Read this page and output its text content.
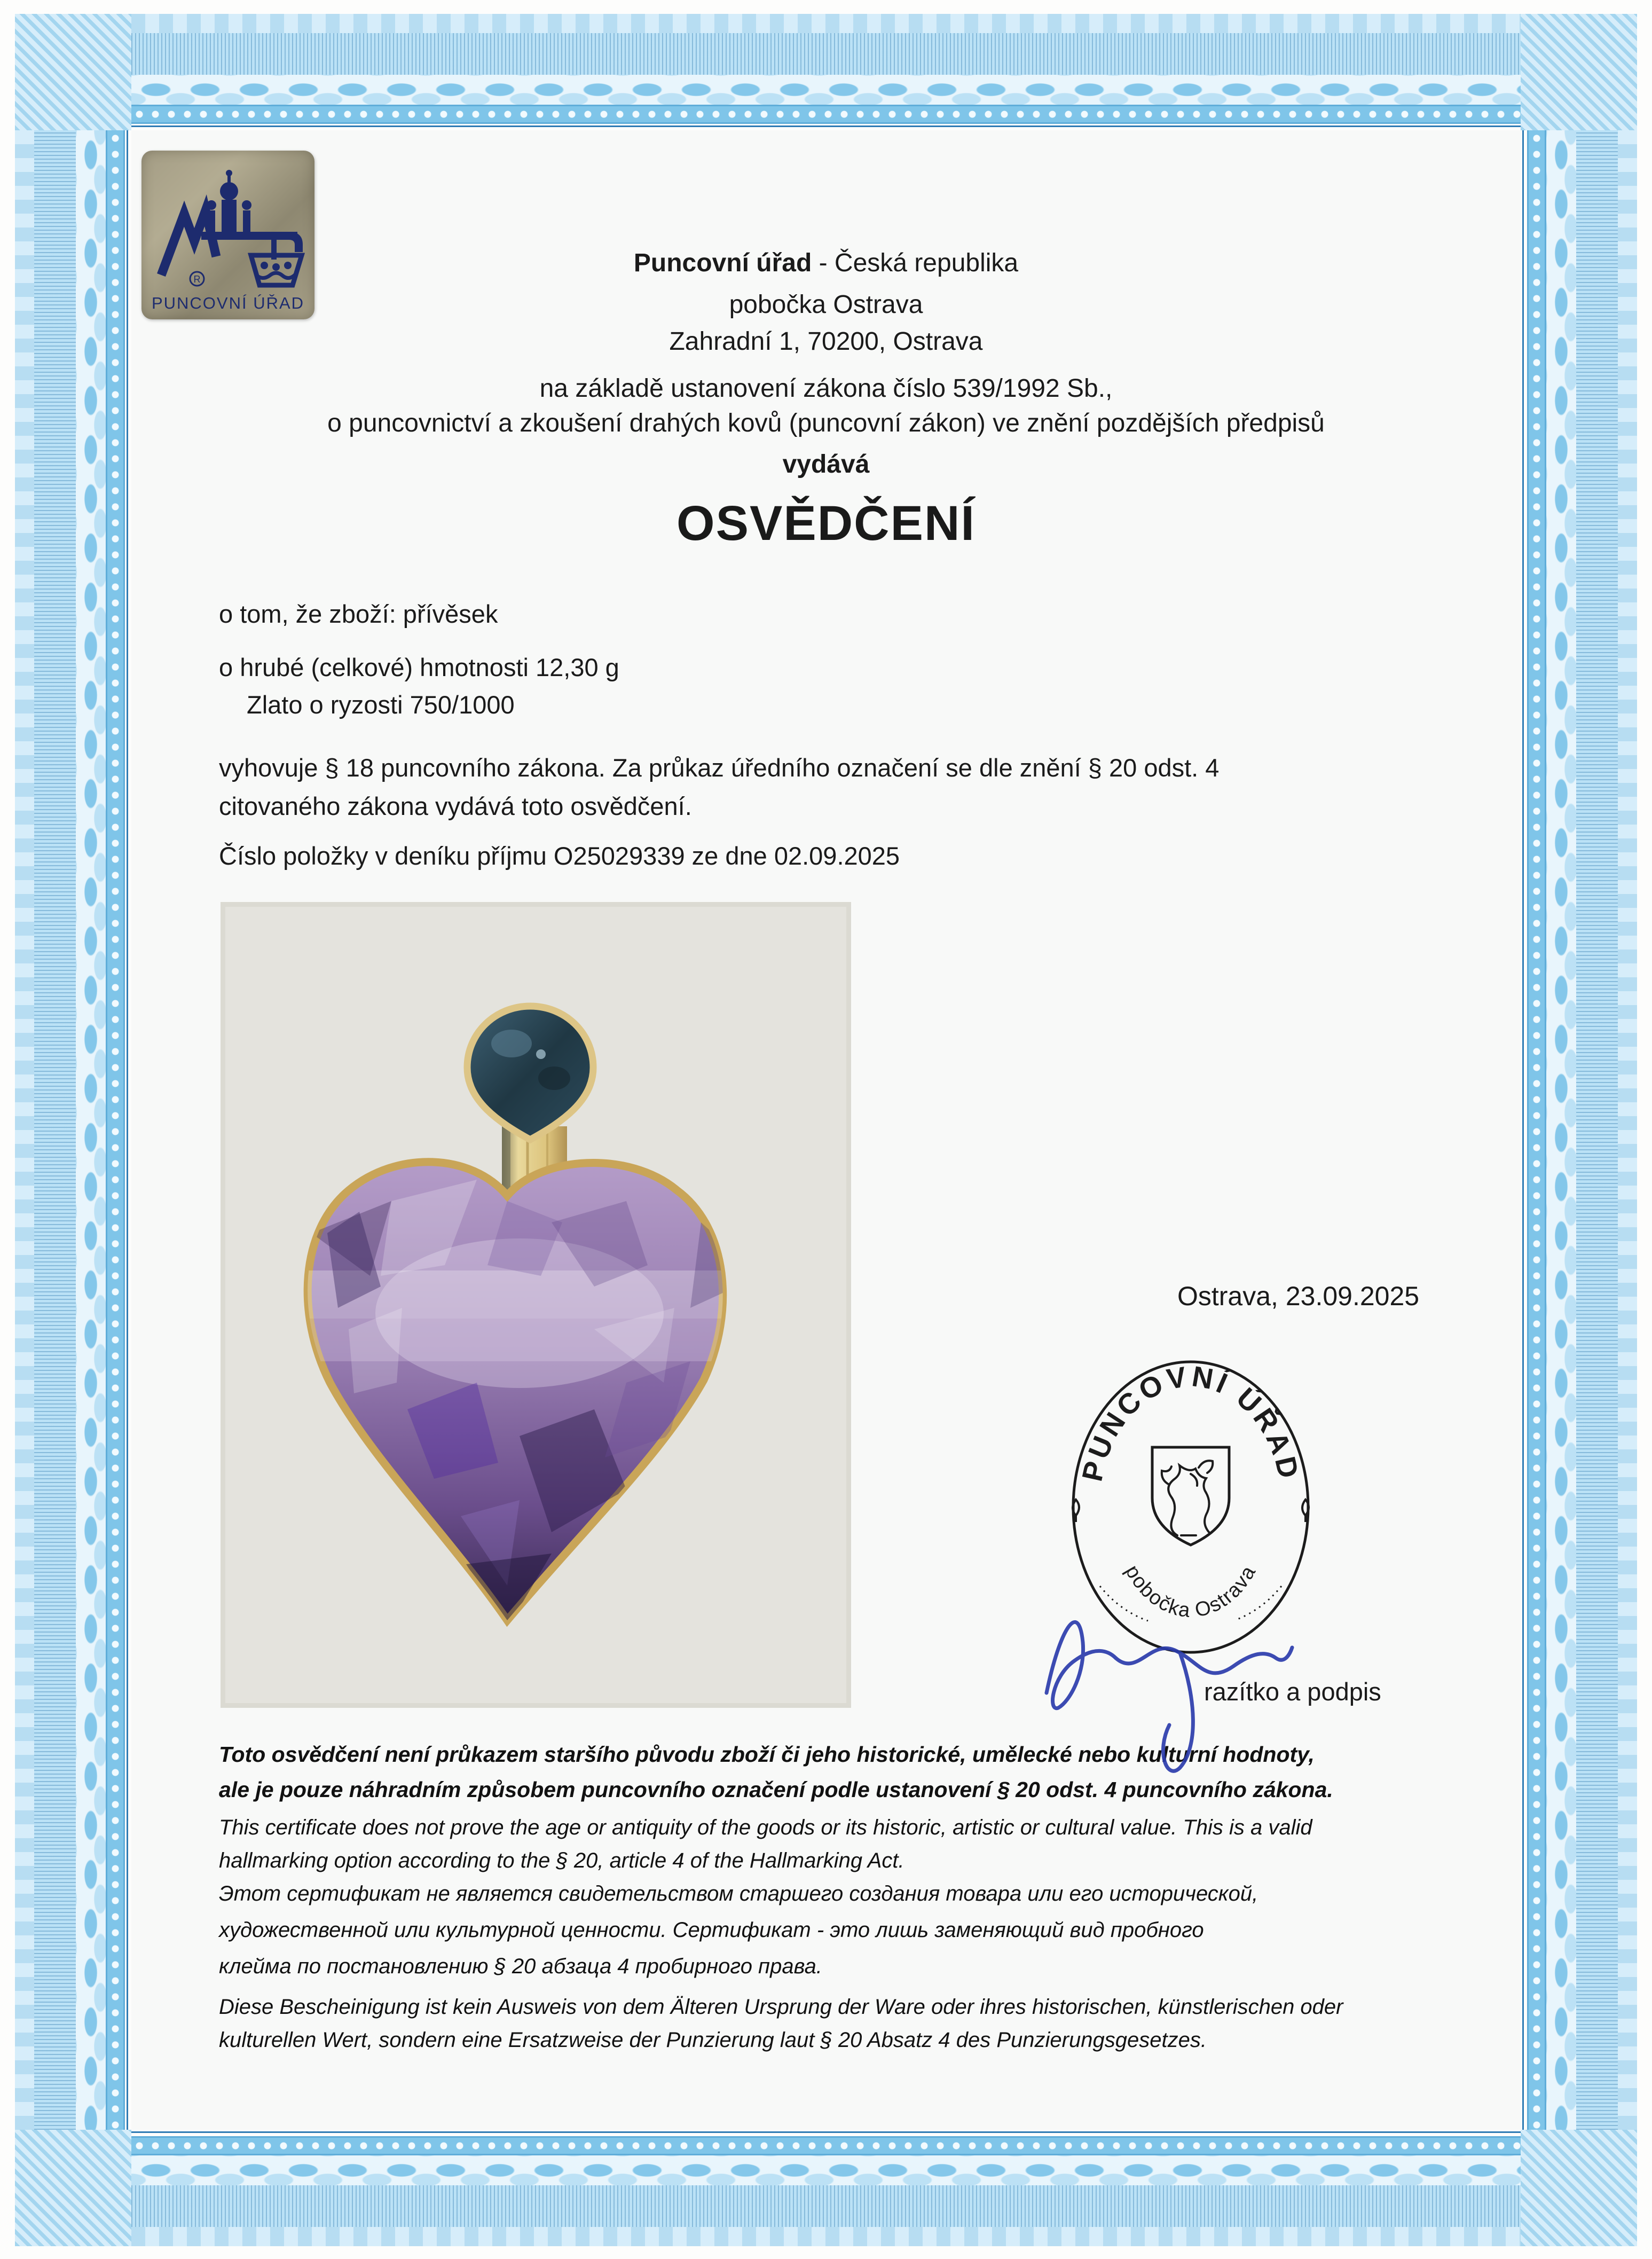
R
PUNCOVNÍ ÚŘAD
Puncovní úřad - Česká republika
pobočka Ostrava
Zahradní 1, 70200, Ostrava
na základě ustanovení zákona číslo 539/1992 Sb.,
o puncovnictví a zkoušení drahých kovů (puncovní zákon) ve znění pozdějších předpisů
vydává
OSVĚDČENÍ
o tom, že zboží: přívěsek
o hrubé (celkové) hmotnosti 12,30 g
Zlato o ryzosti 750/1000
vyhovuje § 18 puncovního zákona. Za průkaz úředního označení se dle znění § 20 odst. 4
citovaného zákona vydává toto osvědčení.
Číslo položky v deníku příjmu O25029339 ze dne 02.09.2025
Ostrava, 23.09.2025
PUNCOVNÍ ÚŘAD
pobočka Ostrava
razítko a podpis
Toto osvědčení není průkazem staršího původu zboží či jeho historické, umělecké nebo kulturní hodnoty,
ale je pouze náhradním způsobem puncovního označení podle ustanovení § 20 odst. 4 puncovního zákona.
This certificate does not prove the age or antiquity of the goods or its historic, artistic or cultural value. This is a valid
hallmarking option according to the § 20, article 4 of the Hallmarking Act.
Этот сертификат не является свидетельством старшего создания товара или его исторической,
художественной или культурной ценности. Сертификат - это лишь заменяющий вид пробного
клейма по постановлению § 20 абзаца 4 пробирного права.
Diese Bescheinigung ist kein Ausweis von dem Älteren Ursprung der Ware oder ihres historischen, künstlerischen oder
kulturellen Wert, sondern eine Ersatzweise der Punzierung laut § 20 Absatz 4 des Punzierungsgesetzes.
